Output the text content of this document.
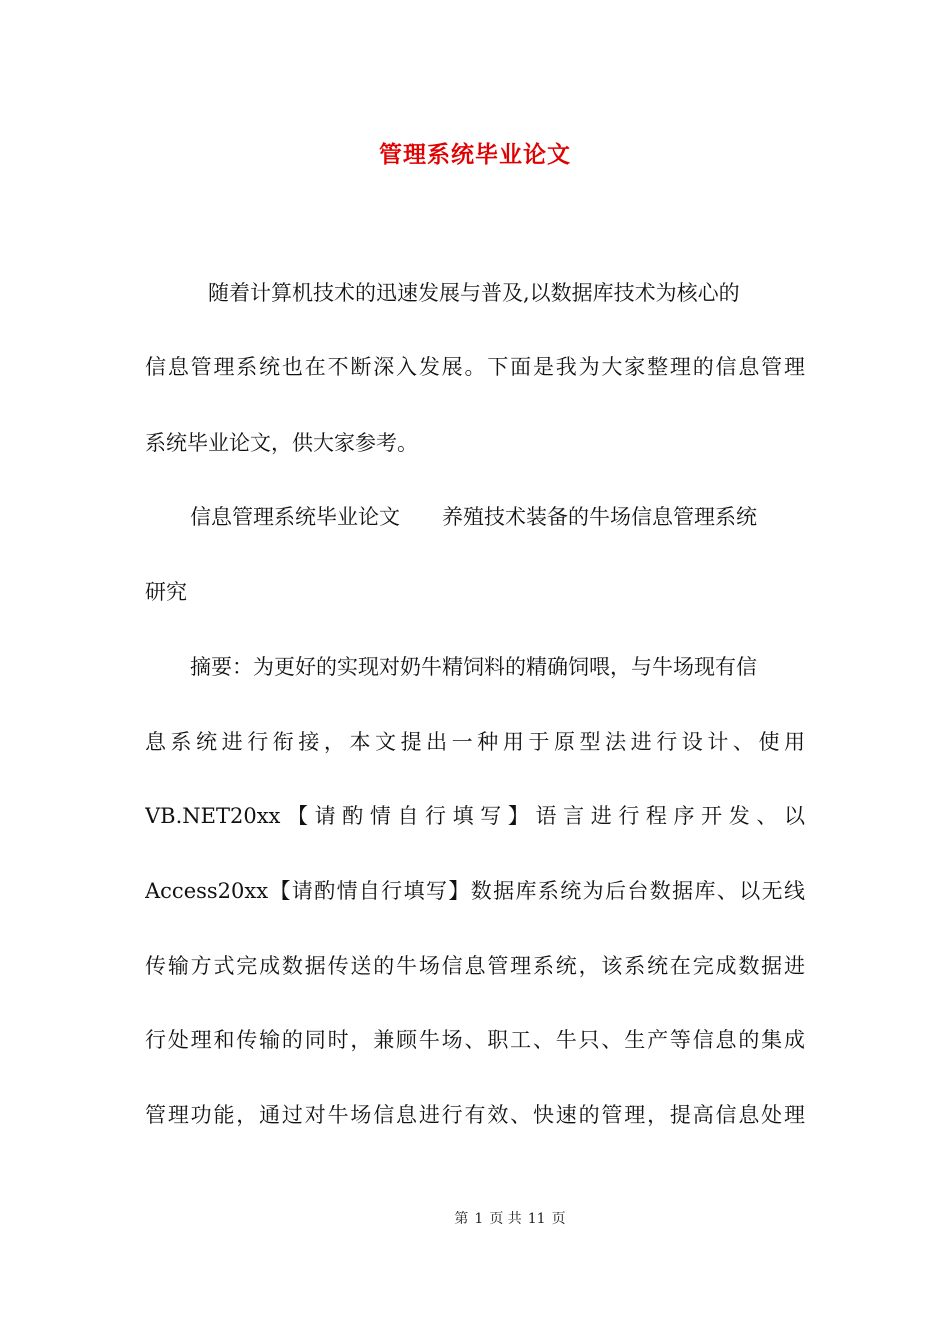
管理系统毕业论文
随着计算机技术的迅速发展与普及,以数据库技术为核心的
信息管理系统也在不断深入发展。下面是我为大家整理的信息管理
系统毕业论文，供大家参考。
信息管理系统毕业论文　　养殖技术装备的牛场信息管理系统
研究
摘要：为更好的实现对奶牛精饲料的精确饲喂，与牛场现有信
息系统进行衔接，本文提出一种用于原型法进行设计、使用
VB.NET20xx【请酌情自行填写】语言进行程序开发、以
Access20xx【请酌情自行填写】数据库系统为后台数据库、以无线
传输方式完成数据传送的牛场信息管理系统，该系统在完成数据进
行处理和传输的同时，兼顾牛场、职工、牛只、生产等信息的集成
管理功能，通过对牛场信息进行有效、快速的管理，提高信息处理
第 1 页 共 11 页
